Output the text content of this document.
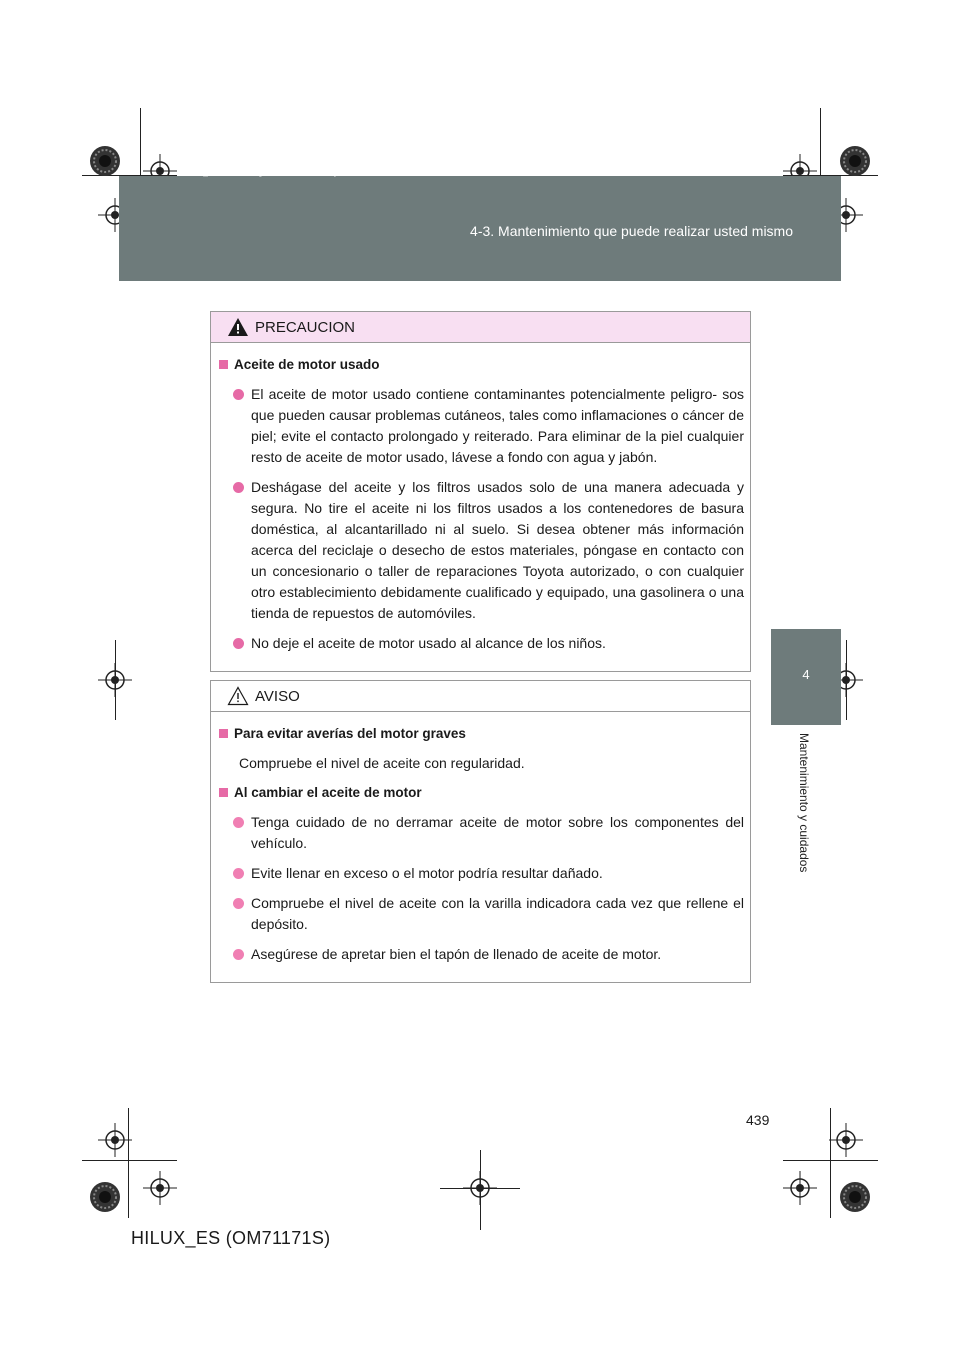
HILUX_ES.book Page 439 Wednesday, March 23, 2011 4:15 PM
4-3. Mantenimiento que puede realizar usted mismo
4
Mantenimiento y cuidados
PRECAUCION
Aceite de motor usado
El aceite de motor usado contiene contaminantes potencialmente peligro- sos que pueden causar problemas cutáneos, tales como inflamaciones o cáncer de piel; evite el contacto prolongado y reiterado. Para eliminar de la piel cualquier resto de aceite de motor usado, lávese a fondo con agua y jabón.
Deshágase del aceite y los filtros usados solo de una manera adecuada y segura. No tire el aceite ni los filtros usados a los contenedores de basura doméstica, al alcantarillado ni al suelo. Si desea obtener más información acerca del reciclaje o desecho de estos materiales, póngase en contacto con un concesionario o taller de reparaciones Toyota autorizado, o con cualquier otro establecimiento debidamente cualificado y equipado, una gasolinera o una tienda de repuestos de automóviles.
No deje el aceite de motor usado al alcance de los niños.
AVISO
Para evitar averías del motor graves
Compruebe el nivel de aceite con regularidad.
Al cambiar el aceite de motor
Tenga cuidado de no derramar aceite de motor sobre los componentes del vehículo.
Evite llenar en exceso o el motor podría resultar dañado.
Compruebe el nivel de aceite con la varilla indicadora cada vez que rellene el depósito.
Asegúrese de apretar bien el tapón de llenado de aceite de motor.
439
HILUX_ES (OM71171S)
